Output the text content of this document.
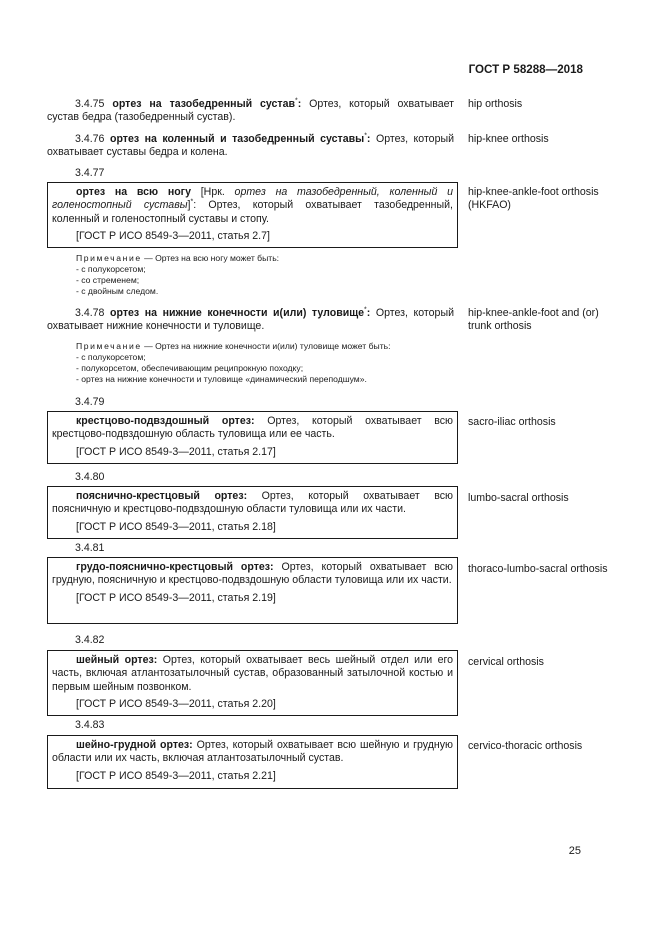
ГОСТ Р 58288—2018

3.4.75 ортез на тазобедренный сустав*: Ортез, который охватывает сустав бедра (тазобедренный сустав).

hip orthosis

3.4.76 ортез на коленный и тазобедренный суставы*: Ортез, который охватывает суставы бедра и колена.

hip-knee orthosis
3.4.77

ортез на всю ногу [Нрк. ортез на тазобедренный, коленный и голеностопный суставы]*: Ортез, который охватывает тазобедренный, коленный и голеностопный суставы и стопу.

[ГОСТ Р ИСО 8549-3—2011, статья 2.7]

hip-knee-ankle-foot orthosis (HKFAO)
Примечание — Ортез на всю ногу может быть:
- с полукорсетом;
- со стременем;
- с двойным следом.

3.4.78 ортез на нижние конечности и(или) туловище*: Ортез, который охватывает нижние конечности и туловище.

hip-knee-ankle-foot and (or) trunk orthosis
Примечание — Ортез на нижние конечности и(или) туловище может быть:
- с полукорсетом;
- полукорсетом, обеспечивающим реципрокную походку;
- ортез на нижние конечности и туловище «динамический переподшум».
3.4.79

крестцово-подвздошный ортез: Ортез, который охватывает всю крестцово-подвздошную область туловища или ее часть.

[ГОСТ Р ИСО 8549-3—2011, статья 2.17]

sacro-iliac orthosis
3.4.80

пояснично-крестцовый ортез: Ортез, который охватывает всю поясничную и крестцово-подвздошную области туловища или их части.

[ГОСТ Р ИСО 8549-3—2011, статья 2.18]

lumbo-sacral orthosis
3.4.81

грудо-пояснично-крестцовый ортез: Ортез, который охватывает всю грудную, поясничную и крестцово-подвздошную области туловища или их части.

[ГОСТ Р ИСО 8549-3—2011, статья 2.19]

thoraco-lumbo-sacral orthosis
3.4.82

шейный ортез: Ортез, который охватывает весь шейный отдел или его часть, включая атлантозатылочный сустав, образованный затылочной костью и первым шейным позвонком.

[ГОСТ Р ИСО 8549-3—2011, статья 2.20]

cervical orthosis
3.4.83

шейно-грудной ортез: Ортез, который охватывает всю шейную и грудную области или их часть, включая атлантозатылочный сустав.

[ГОСТ Р ИСО 8549-3—2011, статья 2.21]

cervico-thoracic orthosis
25
